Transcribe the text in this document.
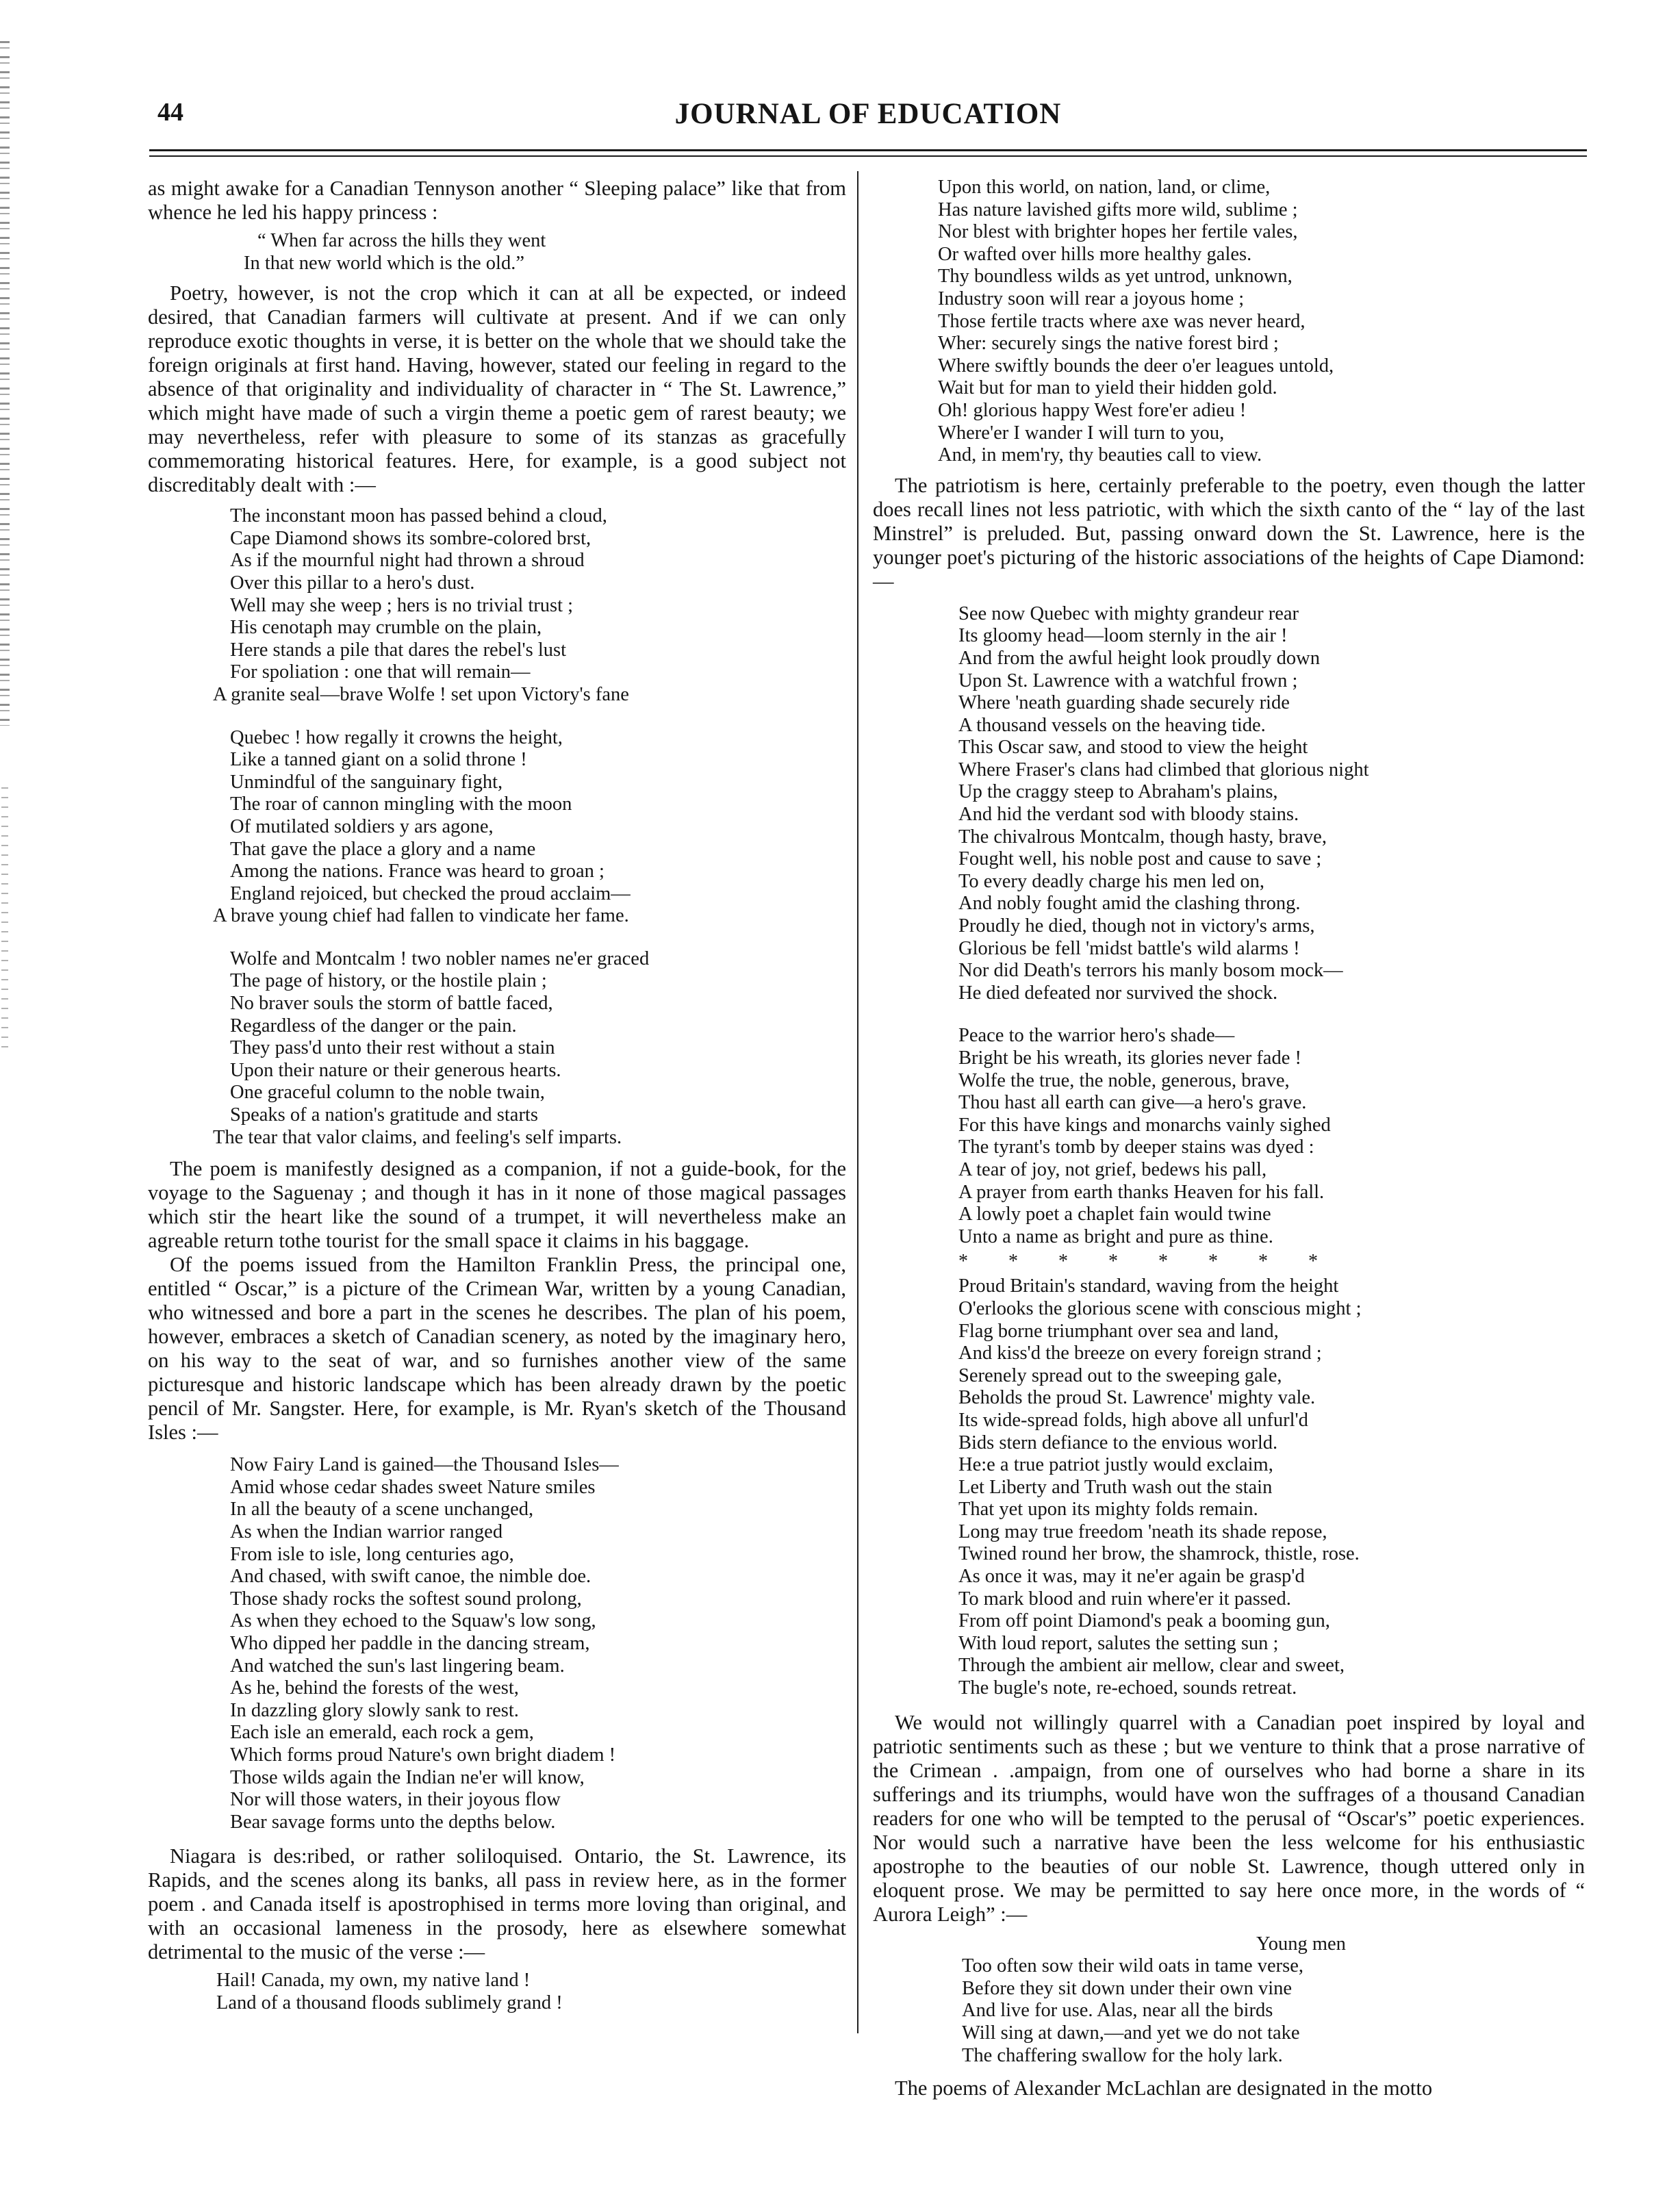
44	JOURNAL OF EDUCATION

as might awake for a Canadian Tennyson another “ Sleeping palace” like that from whence he led his happy princess :

“ When far across the hills they went
In that new world which is the old.”

Poetry, however, is not the crop which it can at all be expected, or indeed desired, that Canadian farmers will cultivate at present. And if we can only reproduce exotic thoughts in verse, it is better on the whole that we should take the foreign originals at first hand. Having, however, stated our feeling in regard to the absence of that originality and individuality of character in “ The St. Lawrence,” which might have made of such a virgin theme a poetic gem of rarest beauty; we may nevertheless, refer with pleasure to some of its stanzas as gracefully commemorating historical features. Here, for example, is a good subject not discreditably dealt with :—

The inconstant moon has passed behind a cloud,
Cape Diamond shows its sombre-colored brst,
As if the mournful night had thrown a shroud
Over this pillar to a hero's dust.
Well may she weep ; hers is no trivial trust ;
His cenotaph may crumble on the plain,
Here stands a pile that dares the rebel's lust
For spoliation : one that will remain—
A granite seal—brave Wolfe ! set upon Victory's fane
Quebec ! how regally it crowns the height,
Like a tanned giant on a solid throne !
Unmindful of the sanguinary fight,
The roar of cannon mingling with the moon
Of mutilated soldiers y ars agone,
That gave the place a glory and a name
Among the nations. France was heard to groan ;
England rejoiced, but checked the proud acclaim—
A brave young chief had fallen to vindicate her fame.
Wolfe and Montcalm ! two nobler names ne'er graced
The page of history, or the hostile plain ;
No braver souls the storm of battle faced,
Regardless of the danger or the pain.
They pass'd unto their rest without a stain
Upon their nature or their generous hearts.
One graceful column to the noble twain,
Speaks of a nation's gratitude and starts
The tear that valor claims, and feeling's self imparts.

The poem is manifestly designed as a companion, if not a guide-book, for the voyage to the Saguenay ; and though it has in it none of those magical passages which stir the heart like the sound of a trumpet, it will nevertheless make an agreable return tothe tourist for the small space it claims in his baggage.

Of the poems issued from the Hamilton Franklin Press, the principal one, entitled “ Oscar,” is a picture of the Crimean War, written by a young Canadian, who witnessed and bore a part in the scenes he describes. The plan of his poem, however, embraces a sketch of Canadian scenery, as noted by the imaginary hero, on his way to the seat of war, and so furnishes another view of the same picturesque and historic landscape which has been already drawn by the poetic pencil of Mr. Sangster. Here, for example, is Mr. Ryan's sketch of the Thousand Isles :—

Now Fairy Land is gained—the Thousand Isles—
Amid whose cedar shades sweet Nature smiles
In all the beauty of a scene unchanged,
As when the Indian warrior ranged
From isle to isle, long centuries ago,
And chased, with swift canoe, the nimble doe.
Those shady rocks the softest sound prolong,
As when they echoed to the Squaw's low song,
Who dipped her paddle in the dancing stream,
And watched the sun's last lingering beam.
As he, behind the forests of the west,
In dazzling glory slowly sank to rest.
Each isle an emerald, each rock a gem,
Which forms proud Nature's own bright diadem !
Those wilds again the Indian ne'er will know,
Nor will those waters, in their joyous flow
Bear savage forms unto the depths below.

Niagara is des:ribed, or rather soliloquised. Ontario, the St. Lawrence, its Rapids, and the scenes along its banks, all pass in review here, as in the former poem . and Canada itself is apostrophised in terms more loving than original, and with an occasional lameness in the prosody, here as elsewhere somewhat detrimental to the music of the verse :—

Hail! Canada, my own, my native land !
Land of a thousand floods sublimely grand !
Upon this world, on nation, land, or clime,
Has nature lavished gifts more wild, sublime ;
Nor blest with brighter hopes her fertile vales,
Or wafted over hills more healthy gales.
Thy boundless wilds as yet untrod, unknown,
Industry soon will rear a joyous home ;
Those fertile tracts where axe was never heard,
Wher: securely sings the native forest bird ;
Where swiftly bounds the deer o'er leagues untold,
Wait but for man to yield their hidden gold.
Oh! glorious happy West fore'er adieu !
Where'er I wander I will turn to you,
And, in mem'ry, thy beauties call to view.

The patriotism is here, certainly preferable to the poetry, even though the latter does recall lines not less patriotic, with which the sixth canto of the “ lay of the last Minstrel” is preluded. But, passing onward down the St. Lawrence, here is the younger poet's picturing of the historic associations of the heights of Cape Diamond:—

See now Quebec with mighty grandeur rear
Its gloomy head—loom sternly in the air !
And from the awful height look proudly down
Upon St. Lawrence with a watchful frown ;
Where 'neath guarding shade securely ride
A thousand vessels on the heaving tide.
This Oscar saw, and stood to view the height
Where Fraser's clans had climbed that glorious night
Up the craggy steep to Abraham's plains,
And hid the verdant sod with bloody stains.
The chivalrous Montcalm, though hasty, brave,
Fought well, his noble post and cause to save ;
To every deadly charge his men led on,
And nobly fought amid the clashing throng.
Proudly he died, though not in victory's arms,
Glorious be fell 'midst battle's wild alarms !
Nor did Death's terrors his manly bosom mock—
He died defeated nor survived the shock.
Peace to the warrior hero's shade—
Bright be his wreath, its glories never fade !
Wolfe the true, the noble, generous, brave,
Thou hast all earth can give—a hero's grave.
For this have kings and monarchs vainly sighed
The tyrant's tomb by deeper stains was dyed :
A tear of joy, not grief, bedews his pall,
A prayer from earth thanks Heaven for his fall.
A lowly poet a chaplet fain would twine
Unto a name as bright and pure as thine.
* * * * * * * *
Proud Britain's standard, waving from the height
O'erlooks the glorious scene with conscious might ;
Flag borne triumphant over sea and land,
And kiss'd the breeze on every foreign strand ;
Serenely spread out to the sweeping gale,
Beholds the proud St. Lawrence' mighty vale.
Its wide-spread folds, high above all unfurl'd
Bids stern defiance to the envious world.
He:e a true patriot justly would exclaim,
Let Liberty and Truth wash out the stain
That yet upon its mighty folds remain.
Long may true freedom 'neath its shade repose,
Twined round her brow, the shamrock, thistle, rose.
As once it was, may it ne'er again be grasp'd
To mark blood and ruin where'er it passed.
From off point Diamond's peak a booming gun,
With loud report, salutes the setting sun ;
Through the ambient air mellow, clear and sweet,
The bugle's note, re-echoed, sounds retreat.

We would not willingly quarrel with a Canadian poet inspired by loyal and patriotic sentiments such as these ; but we venture to think that a prose narrative of the Crimean . .ampaign, from one of ourselves who had borne a share in its sufferings and its triumphs, would have won the suffrages of a thousand Canadian readers for one who will be tempted to the perusal of “Oscar's” poetic experiences. Nor would such a narrative have been the less welcome for his enthusiastic apostrophe to the beauties of our noble St. Lawrence, though uttered only in eloquent prose. We may be permitted to say here once more, in the words of “ Aurora Leigh” :—

Young men
Too often sow their wild oats in tame verse,
Before they sit down under their own vine
And live for use. Alas, near all the birds
Will sing at dawn,—and yet we do not take
The chaffering swallow for the holy lark.

The poems of Alexander McLachlan are designated in the motto
